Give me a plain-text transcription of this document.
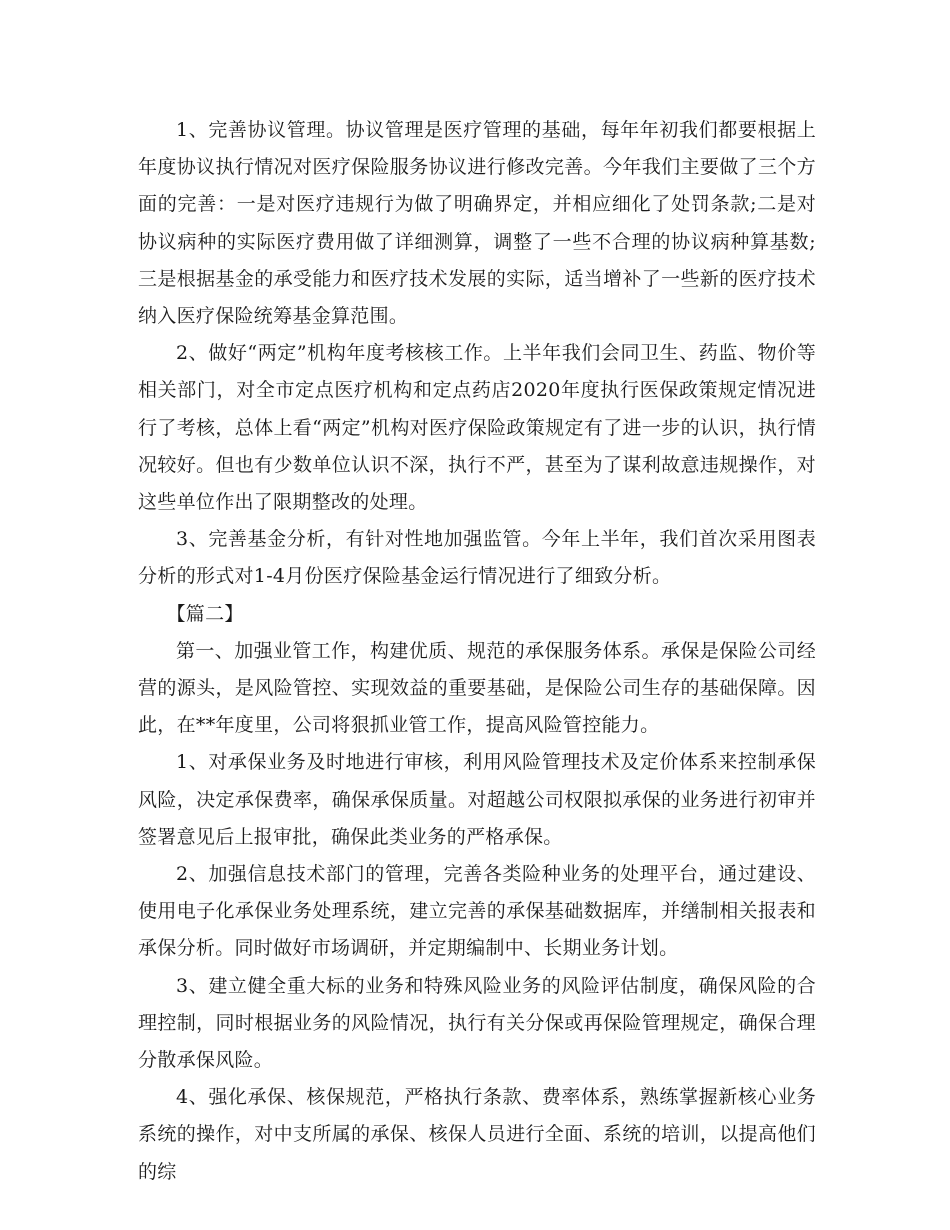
1、完善协议管理。协议管理是医疗管理的基础，每年年初我们都要根据上年度协议执行情况对医疗保险服务协议进行修改完善。今年我们主要做了三个方面的完善：一是对医疗违规行为做了明确界定，并相应细化了处罚条款;二是对协议病种的实际医疗费用做了详细测算，调整了一些不合理的协议病种算基数;三是根据基金的承受能力和医疗技术发展的实际，适当增补了一些新的医疗技术纳入医疗保险统筹基金算范围。

2、做好“两定”机构年度考核核工作。上半年我们会同卫生、药监、物价等相关部门，对全市定点医疗机构和定点药店2020年度执行医保政策规定情况进行了考核，总体上看“两定”机构对医疗保险政策规定有了进一步的认识，执行情况较好。但也有少数单位认识不深，执行不严，甚至为了谋利故意违规操作，对这些单位作出了限期整改的处理。

3、完善基金分析，有针对性地加强监管。今年上半年，我们首次采用图表分析的形式对1-4月份医疗保险基金运行情况进行了细致分析。

【篇二】

第一、加强业管工作，构建优质、规范的承保服务体系。承保是保险公司经营的源头，是风险管控、实现效益的重要基础，是保险公司生存的基础保障。因此，在**年度里，公司将狠抓业管工作，提高风险管控能力。

1、对承保业务及时地进行审核，利用风险管理技术及定价体系来控制承保风险，决定承保费率，确保承保质量。对超越公司权限拟承保的业务进行初审并签署意见后上报审批，确保此类业务的严格承保。

2、加强信息技术部门的管理，完善各类险种业务的处理平台，通过建设、使用电子化承保业务处理系统，建立完善的承保基础数据库，并缮制相关报表和承保分析。同时做好市场调研，并定期编制中、长期业务计划。

3、建立健全重大标的业务和特殊风险业务的风险评估制度，确保风险的合理控制，同时根据业务的风险情况，执行有关分保或再保险管理规定，确保合理分散承保风险。

4、强化承保、核保规范，严格执行条款、费率体系，熟练掌握新核心业务系统的操作，对中支所属的承保、核保人员进行全面、系统的培训，以提高他们的综
